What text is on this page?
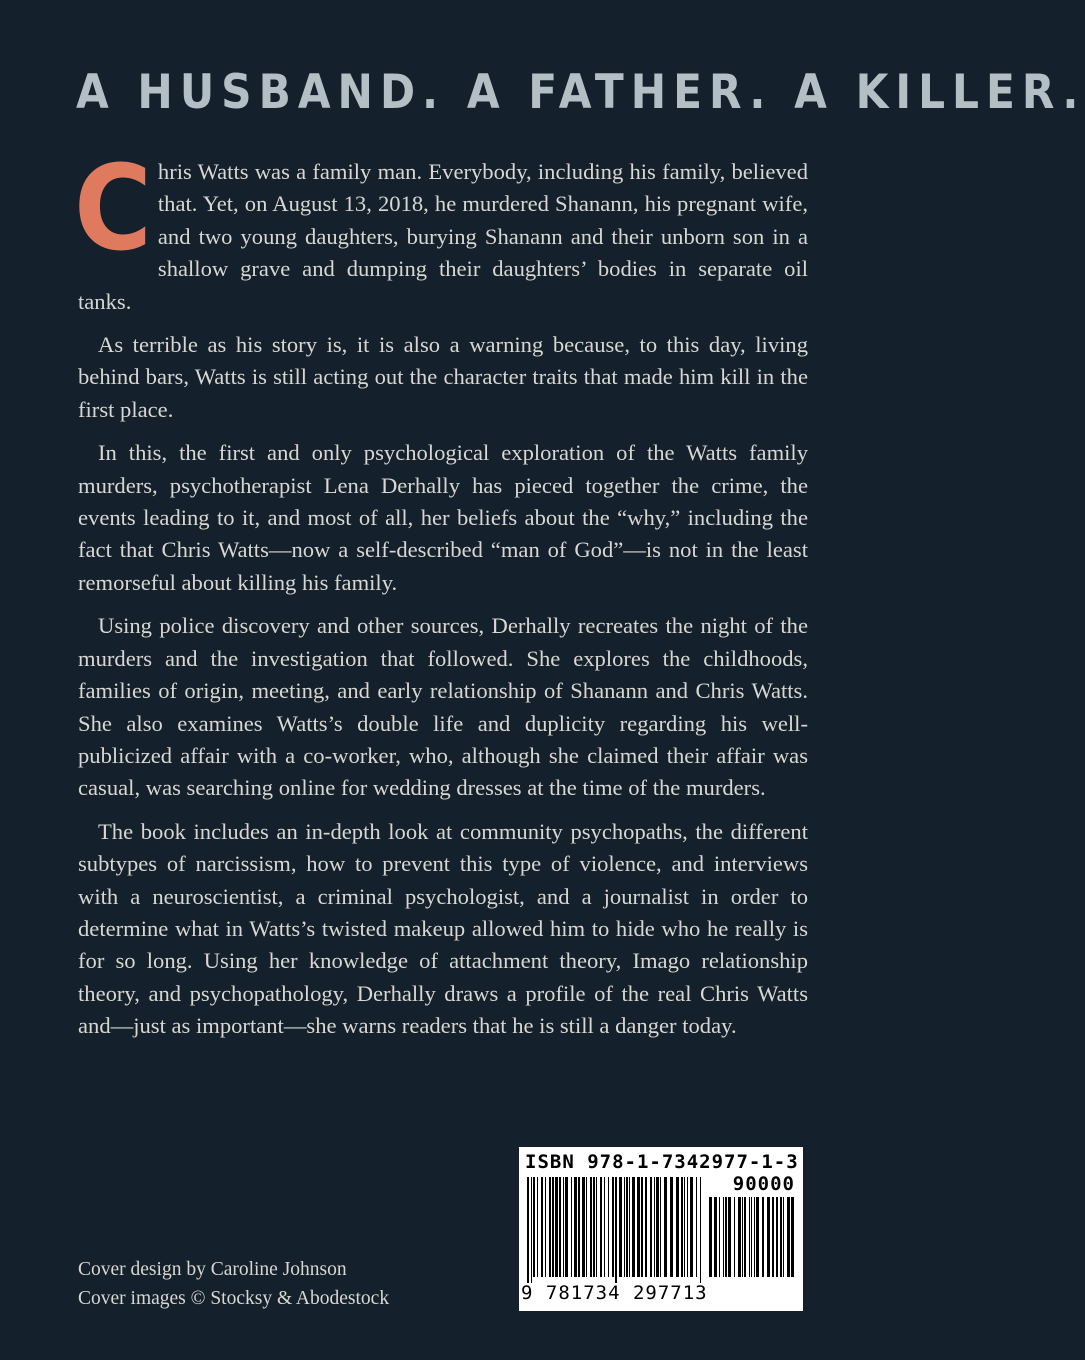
A HUSBAND. A FATHER. A KILLER.

Chris Watts was a family man. Everybody, including his family, believed that. Yet, on August 13, 2018, he murdered Shanann, his pregnant wife, and two young daughters, burying Shanann and their unborn son in a shallow grave and dumping their daughters’ bodies in separate oil tanks.

As terrible as his story is, it is also a warning because, to this day, living behind bars, Watts is still acting out the character traits that made him kill in the first place.

In this, the first and only psychological exploration of the Watts family murders, psychotherapist Lena Derhally has pieced together the crime, the events leading to it, and most of all, her beliefs about the “why,” including the fact that Chris Watts—now a self-described “man of God”—is not in the least remorseful about killing his family.

Using police discovery and other sources, Derhally recreates the night of the murders and the investigation that followed. She explores the childhoods, families of origin, meeting, and early relationship of Shanann and Chris Watts. She also examines Watts’s double life and duplicity regarding his well-publicized affair with a co-worker, who, although she claimed their affair was casual, was searching online for wedding dresses at the time of the murders.

The book includes an in-depth look at community psychopaths, the different subtypes of narcissism, how to prevent this type of violence, and interviews with a neuroscientist, a criminal psychologist, and a journalist in order to determine what in Watts’s twisted makeup allowed him to hide who he really is for so long. Using her knowledge of attachment theory, Imago relationship theory, and psychopathology, Derhally draws a profile of the real Chris Watts and—just as important—she warns readers that he is still a danger today.

Cover design by Caroline Johnson
Cover images © Stocksy & Abodestock
ISBN 978-1-7342977-1-3
90000
9 781734 297713
